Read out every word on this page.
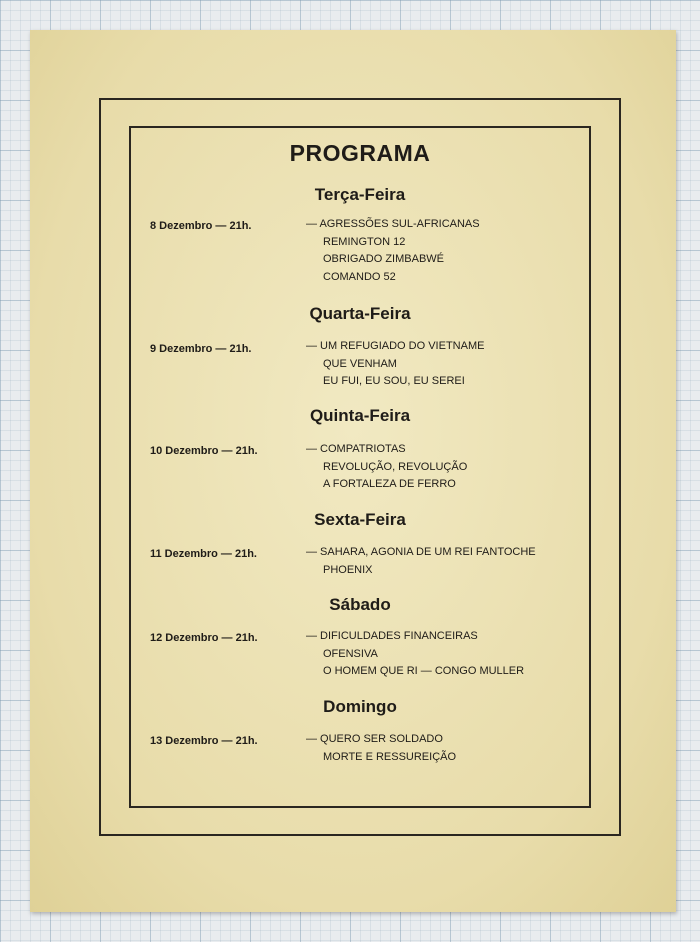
PROGRAMA
Terça-Feira
8 Dezembro — 21h.	— AGRESSÕES SUL-AFRICANAS
REMINGTON 12
OBRIGADO ZIMBABWÉ
COMANDO 52
Quarta-Feira
9 Dezembro — 21h.	— UM REFUGIADO DO VIETNAME
QUE VENHAM
EU FUI, EU SOU, EU SEREI
Quinta-Feira
10 Dezembro — 21h.	— COMPATRIOTAS
REVOLUÇÃO, REVOLUÇÃO
A FORTALEZA DE FERRO
Sexta-Feira
11 Dezembro — 21h.	— SAHARA, AGONIA DE UM REI FANTOCHE
PHOENIX
Sábado
12 Dezembro — 21h.	— DIFICULDADES FINANCEIRAS
OFENSIVA
O HOMEM QUE RI — CONGO MULLER
Domingo
13 Dezembro — 21h.	— QUERO SER SOLDADO
MORTE E RESSUREIÇÃO
